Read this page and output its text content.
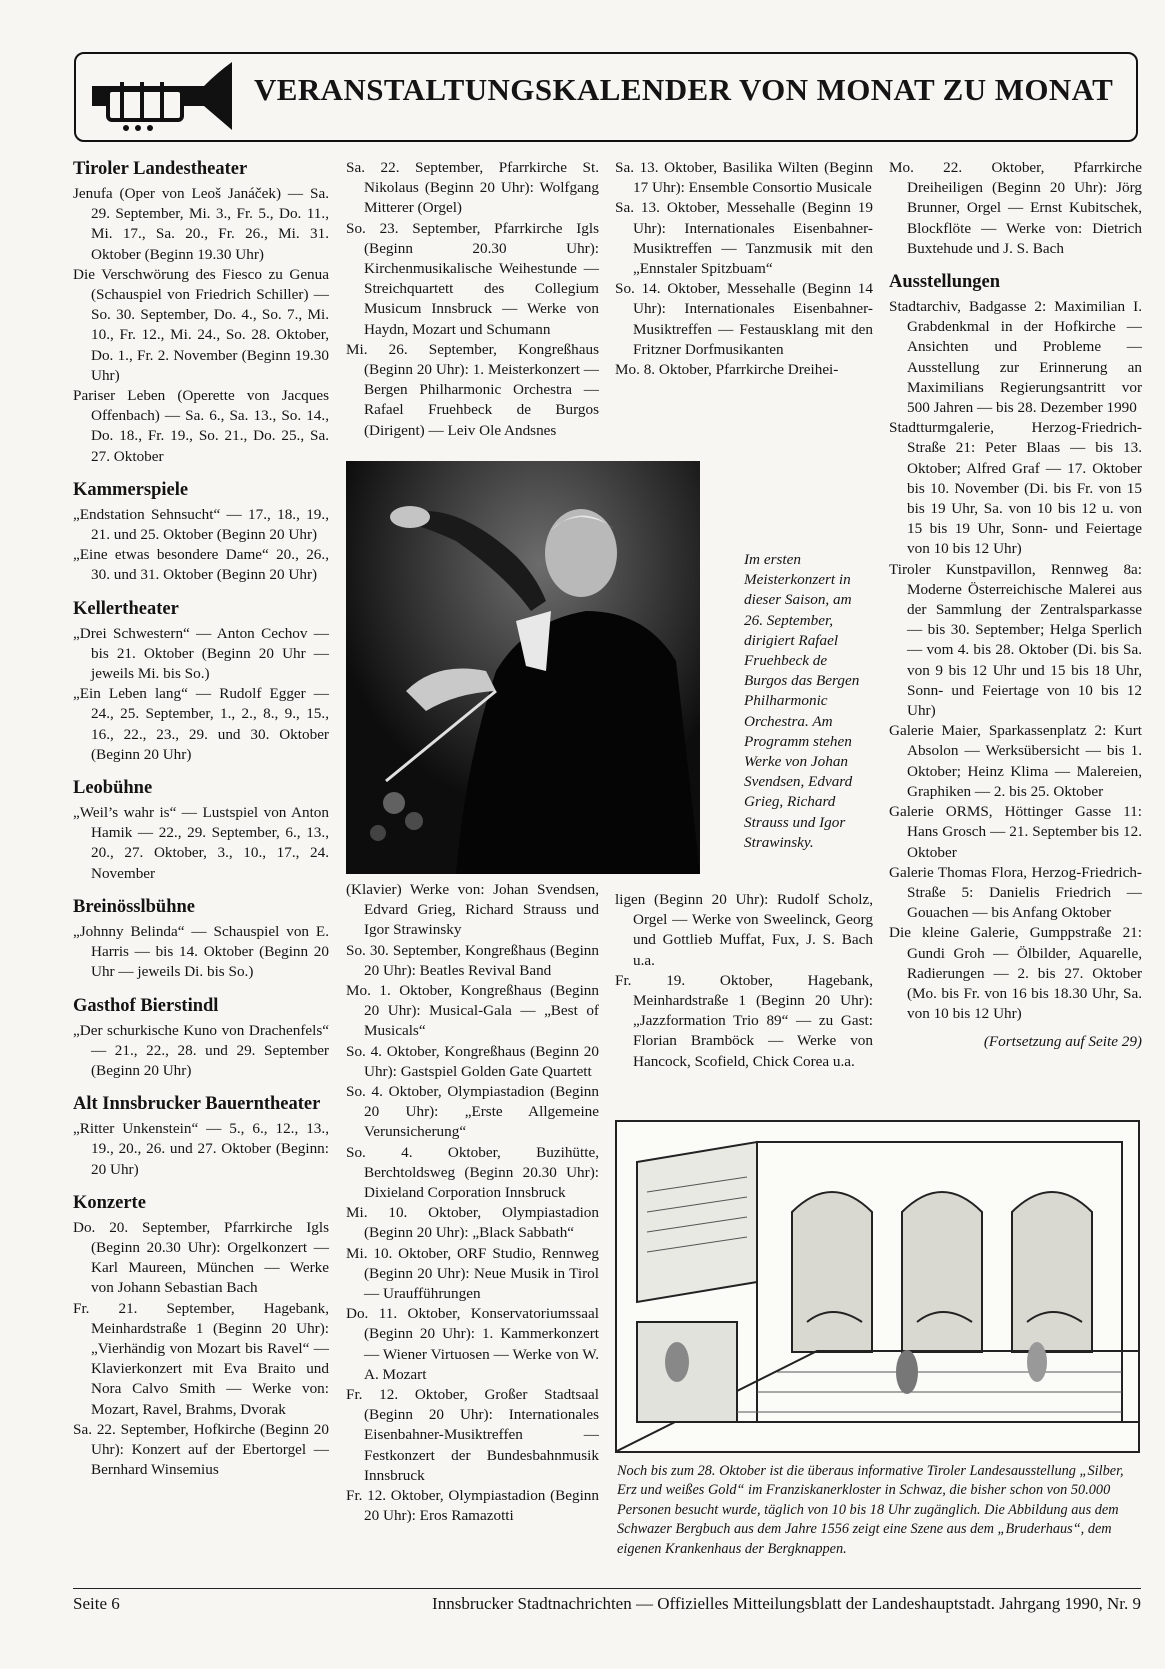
VERANSTALTUNGSKALENDER VON MONAT ZU MONAT
Tiroler Landestheater
Jenufa (Oper von Leoš Janáček) — Sa. 29. September, Mi. 3., Fr. 5., Do. 11., Mi. 17., Sa. 20., Fr. 26., Mi. 31. Oktober (Beginn 19.30 Uhr)
Die Verschwörung des Fiesco zu Genua (Schauspiel von Friedrich Schiller) — So. 30. September, Do. 4., So. 7., Mi. 10., Fr. 12., Mi. 24., So. 28. Oktober, Do. 1., Fr. 2. November (Beginn 19.30 Uhr)
Pariser Leben (Operette von Jacques Offenbach) — Sa. 6., Sa. 13., So. 14., Do. 18., Fr. 19., So. 21., Do. 25., Sa. 27. Oktober
Kammerspiele
„Endstation Sehnsucht“ — 17., 18., 19., 21. und 25. Oktober (Beginn 20 Uhr)
„Eine etwas besondere Dame“ 20., 26., 30. und 31. Oktober (Beginn 20 Uhr)
Kellertheater
„Drei Schwestern“ — Anton Cechov — bis 21. Oktober (Beginn 20 Uhr — jeweils Mi. bis So.)
„Ein Leben lang“ — Rudolf Egger — 24., 25. September, 1., 2., 8., 9., 15., 16., 22., 23., 29. und 30. Oktober (Beginn 20 Uhr)
Leobühne
„Weil’s wahr is“ — Lustspiel von Anton Hamik — 22., 29. September, 6., 13., 20., 27. Oktober, 3., 10., 17., 24. November
Breinösslbühne
„Johnny Belinda“ — Schauspiel von E. Harris — bis 14. Oktober (Beginn 20 Uhr — jeweils Di. bis So.)
Gasthof Bierstindl
„Der schurkische Kuno von Drachenfels“ — 21., 22., 28. und 29. September (Beginn 20 Uhr)
Alt Innsbrucker Bauerntheater
„Ritter Unkenstein“ — 5., 6., 12., 13., 19., 20., 26. und 27. Oktober (Beginn: 20 Uhr)
Konzerte
Do. 20. September, Pfarrkirche Igls (Beginn 20.30 Uhr): Orgelkonzert — Karl Maureen, München — Werke von Johann Sebastian Bach
Fr. 21. September, Hagebank, Meinhardstraße 1 (Beginn 20 Uhr): „Vierhändig von Mozart bis Ravel“ — Klavierkonzert mit Eva Braito und Nora Calvo Smith — Werke von: Mozart, Ravel, Brahms, Dvorak
Sa. 22. September, Hofkirche (Beginn 20 Uhr): Konzert auf der Ebertorgel — Bernhard Winsemius
Sa. 22. September, Pfarrkirche St. Nikolaus (Beginn 20 Uhr): Wolfgang Mitterer (Orgel)
So. 23. September, Pfarrkirche Igls (Beginn 20.30 Uhr): Kirchenmusikalische Weihestunde — Streichquartett des Collegium Musicum Innsbruck — Werke von Haydn, Mozart und Schumann
Mi. 26. September, Kongreßhaus (Beginn 20 Uhr): 1. Meisterkonzert — Bergen Philharmonic Orchestra — Rafael Fruehbeck de Burgos (Dirigent) — Leiv Ole Andsnes
Sa. 13. Oktober, Basilika Wilten (Beginn 17 Uhr): Ensemble Consortio Musicale
Sa. 13. Oktober, Messehalle (Beginn 19 Uhr): Internationales Eisenbahner-Musiktreffen — Tanzmusik mit den „Ennstaler Spitzbuam“
So. 14. Oktober, Messehalle (Beginn 14 Uhr): Internationales Eisenbahner-Musiktreffen — Festausklang mit den Fritzner Dorfmusikanten
Mo. 8. Oktober, Pfarrkirche Dreihei-
Mo. 22. Oktober, Pfarrkirche Dreiheiligen (Beginn 20 Uhr): Jörg Brunner, Orgel — Ernst Kubitschek, Blockflöte — Werke von: Dietrich Buxtehude und J. S. Bach
Ausstellungen
Stadtarchiv, Badgasse 2: Maximilian I. Grabdenkmal in der Hofkirche — Ansichten und Probleme — Ausstellung zur Erinnerung an Maximilians Regierungsantritt vor 500 Jahren — bis 28. Dezember 1990
Stadtturmgalerie, Herzog-Friedrich-Straße 21: Peter Blaas — bis 13. Oktober; Alfred Graf — 17. Oktober bis 10. November (Di. bis Fr. von 15 bis 19 Uhr, Sa. von 10 bis 12 u. von 15 bis 19 Uhr, Sonn- und Feiertage von 10 bis 12 Uhr)
Tiroler Kunstpavillon, Rennweg 8a: Moderne Österreichische Malerei aus der Sammlung der Zentralsparkasse — bis 30. September; Helga Sperlich — vom 4. bis 28. Oktober (Di. bis Sa. von 9 bis 12 Uhr und 15 bis 18 Uhr, Sonn- und Feiertage von 10 bis 12 Uhr)
Galerie Maier, Sparkassenplatz 2: Kurt Absolon — Werksübersicht — bis 1. Oktober; Heinz Klima — Malereien, Graphiken — 2. bis 25. Oktober
Galerie ORMS, Höttinger Gasse 11: Hans Grosch — 21. September bis 12. Oktober
Galerie Thomas Flora, Herzog-Friedrich-Straße 5: Danielis Friedrich — Gouachen — bis Anfang Oktober
Die kleine Galerie, Gumppstraße 21: Gundi Groh — Ölbilder, Aquarelle, Radierungen — 2. bis 27. Oktober (Mo. bis Fr. von 16 bis 18.30 Uhr, Sa. von 10 bis 12 Uhr)
(Fortsetzung auf Seite 29)
Im ersten Meisterkonzert in dieser Saison, am 26. September, dirigiert Rafael Fruehbeck de Burgos das Bergen Philharmonic Orchestra. Am Programm stehen Werke von Johan Svendsen, Edvard Grieg, Richard Strauss und Igor Strawinsky.
(Klavier) Werke von: Johan Svendsen, Edvard Grieg, Richard Strauss und Igor Strawinsky
So. 30. September, Kongreßhaus (Beginn 20 Uhr): Beatles Revival Band
Mo. 1. Oktober, Kongreßhaus (Beginn 20 Uhr): Musical-Gala — „Best of Musicals“
So. 4. Oktober, Kongreßhaus (Beginn 20 Uhr): Gastspiel Golden Gate Quartett
So. 4. Oktober, Olympiastadion (Beginn 20 Uhr): „Erste Allgemeine Verunsicherung“
So. 4. Oktober, Buzihütte, Berchtoldsweg (Beginn 20.30 Uhr): Dixieland Corporation Innsbruck
Mi. 10. Oktober, Olympiastadion (Beginn 20 Uhr): „Black Sabbath“
Mi. 10. Oktober, ORF Studio, Rennweg (Beginn 20 Uhr): Neue Musik in Tirol — Uraufführungen
Do. 11. Oktober, Konservatoriumssaal (Beginn 20 Uhr): 1. Kammerkonzert — Wiener Virtuosen — Werke von W. A. Mozart
Fr. 12. Oktober, Großer Stadtsaal (Beginn 20 Uhr): Internationales Eisenbahner-Musiktreffen — Festkonzert der Bundesbahnmusik Innsbruck
Fr. 12. Oktober, Olympiastadion (Beginn 20 Uhr): Eros Ramazotti
ligen (Beginn 20 Uhr): Rudolf Scholz, Orgel — Werke von Sweelinck, Georg und Gottlieb Muffat, Fux, J. S. Bach u.a.
Fr. 19. Oktober, Hagebank, Meinhardstraße 1 (Beginn 20 Uhr): „Jazzformation Trio 89“ — zu Gast: Florian Bramböck — Werke von Hancock, Scofield, Chick Corea u.a.
Noch bis zum 28. Oktober ist die überaus informative Tiroler Landesausstellung „Silber, Erz und weißes Gold“ im Franziskanerkloster in Schwaz, die bisher schon von 50.000 Personen besucht wurde, täglich von 10 bis 18 Uhr zugänglich. Die Abbildung aus dem Schwazer Bergbuch aus dem Jahre 1556 zeigt eine Szene aus dem „Bruderhaus“, dem eigenen Krankenhaus der Bergknappen.
Seite 6	Innsbrucker Stadtnachrichten — Offizielles Mitteilungsblatt der Landeshauptstadt. Jahrgang 1990, Nr. 9
